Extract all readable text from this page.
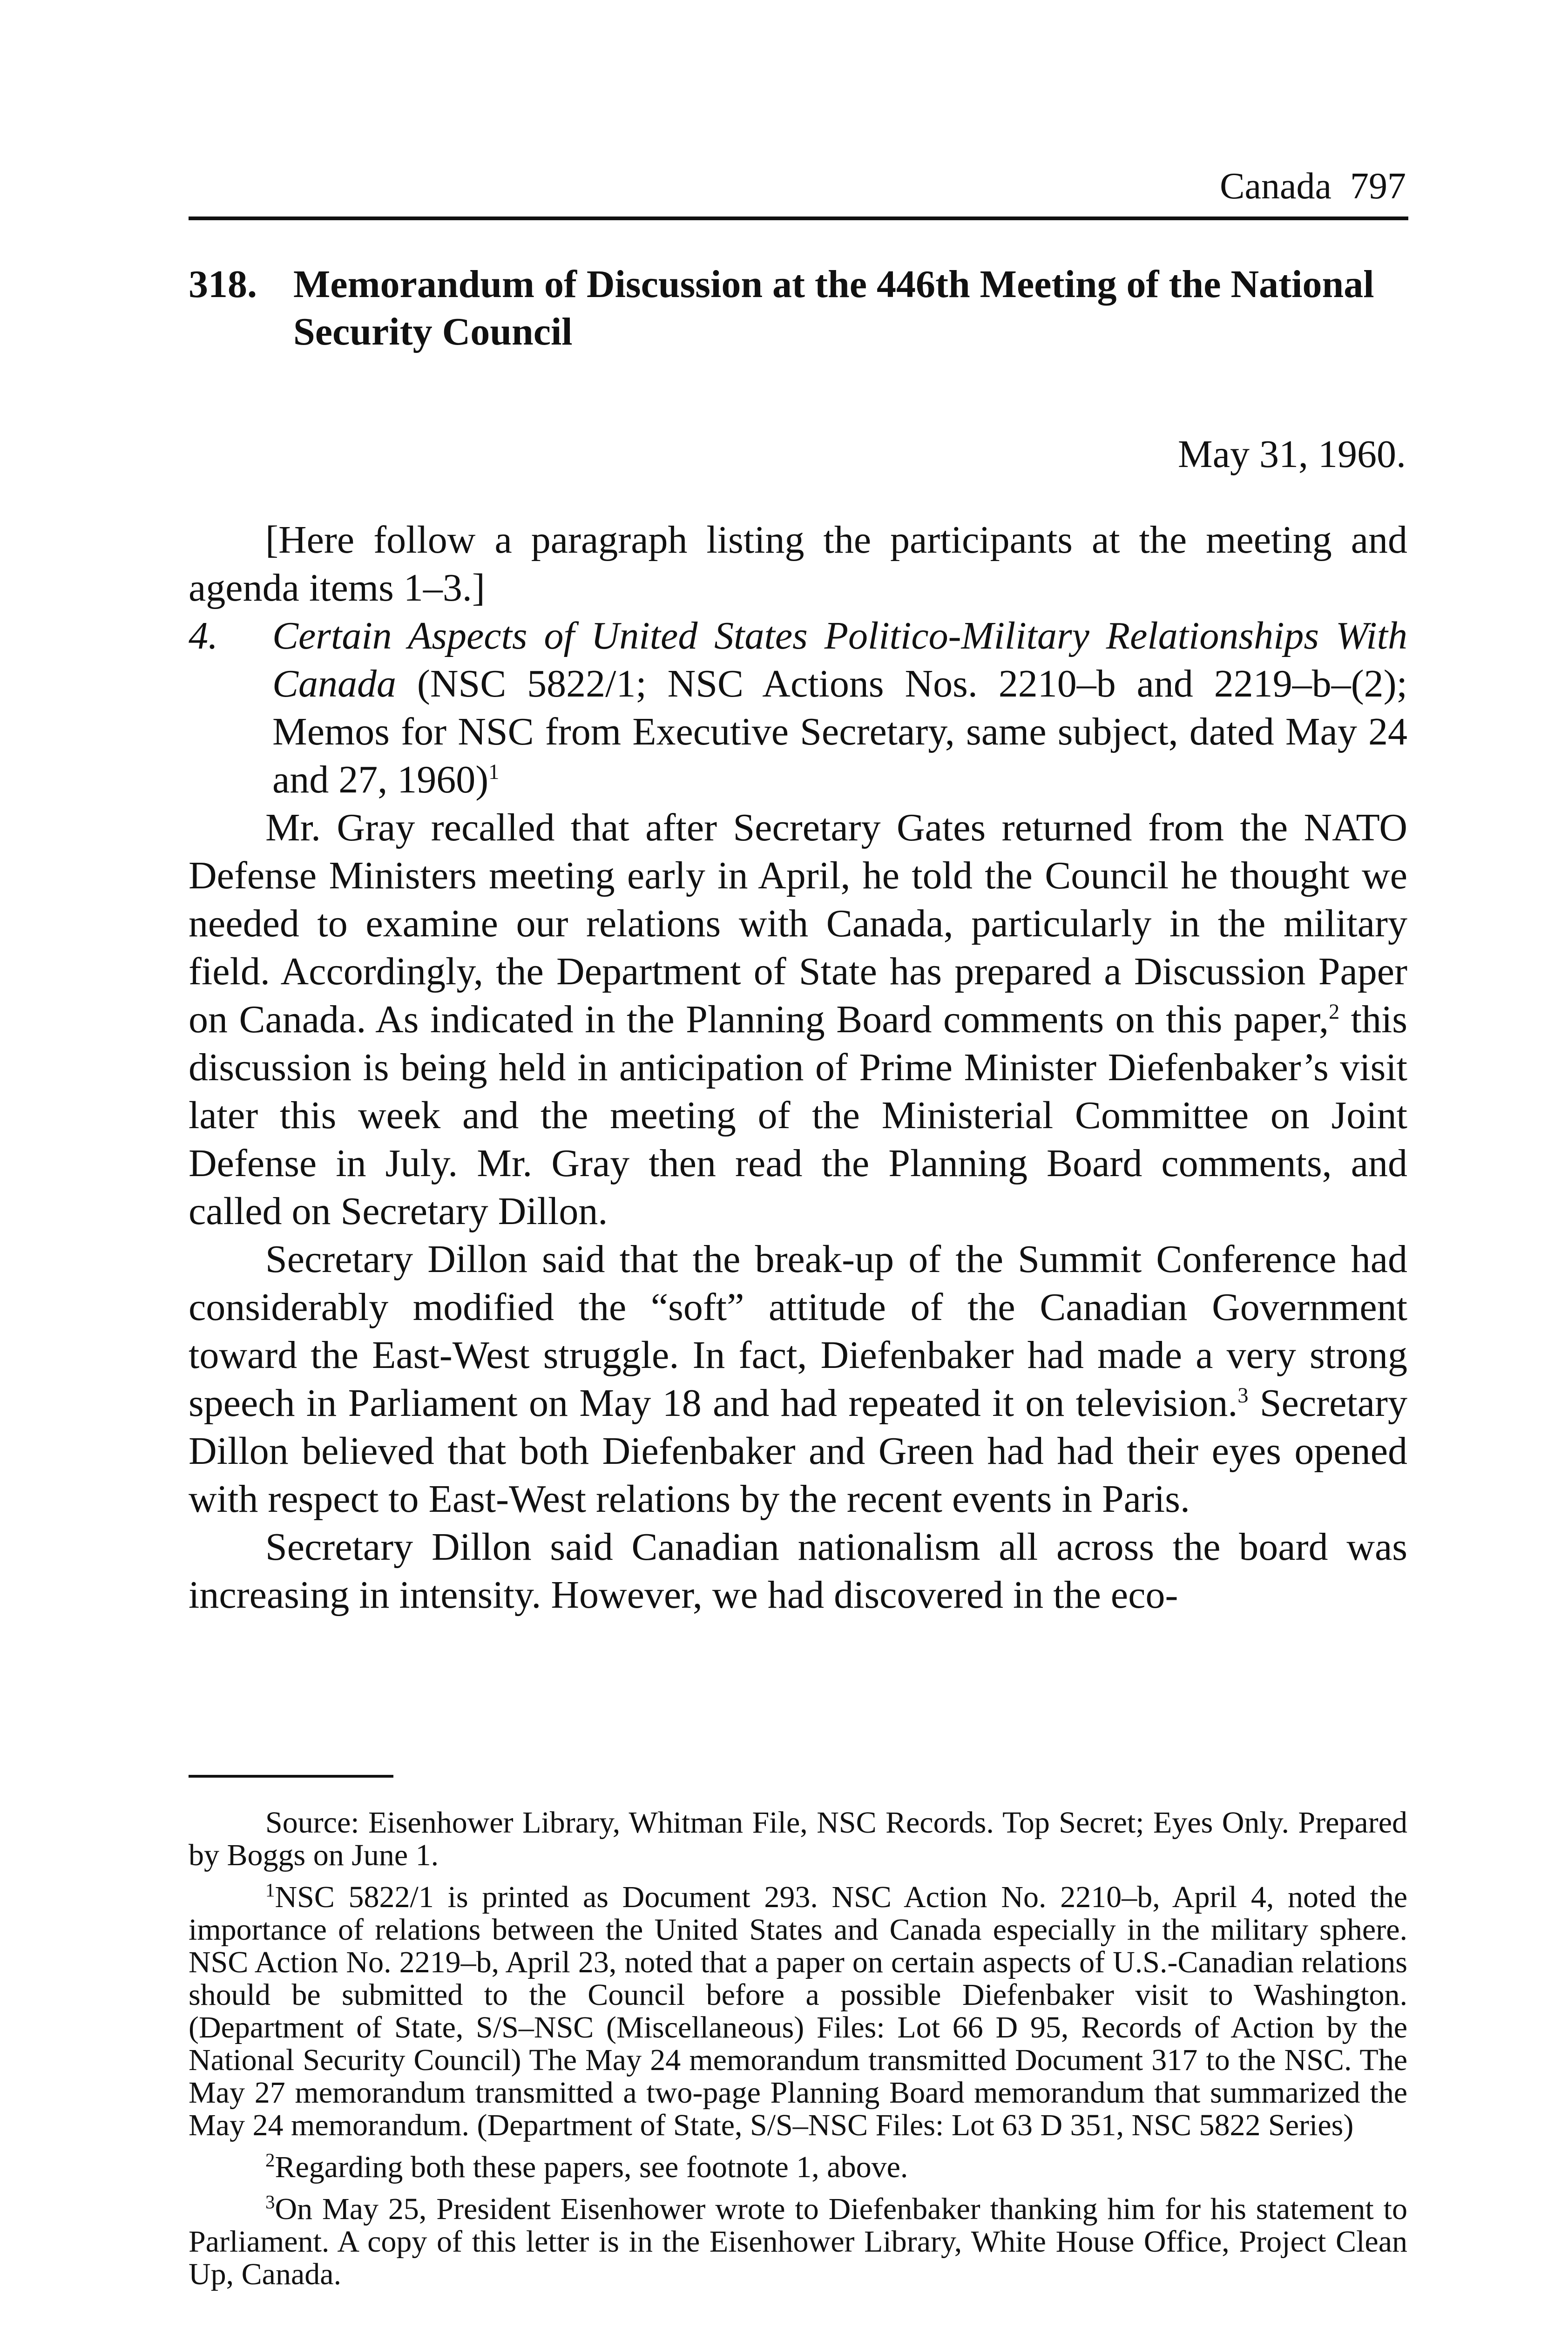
Canada 797
318. Memorandum of Discussion at the 446th Meeting of the National Security Council
May 31, 1960.

[Here follow a paragraph listing the participants at the meeting and agenda items 1–3.]

4. Certain Aspects of United States Politico-Military Relationships With Canada (NSC 5822/1; NSC Actions Nos. 2210–b and 2219–b–(2); Memos for NSC from Executive Secretary, same subject, dated May 24 and 27, 1960)$^1$

Mr. Gray recalled that after Secretary Gates returned from the NATO Defense Ministers meeting early in April, he told the Council he thought we needed to examine our relations with Canada, particularly in the military field. Accordingly, the Department of State has prepared a Discussion Paper on Canada. As indicated in the Planning Board comments on this paper,$^2$ this discussion is being held in anticipation of Prime Minister Diefenbaker’s visit later this week and the meeting of the Ministerial Committee on Joint Defense in July. Mr. Gray then read the Planning Board comments, and called on Secretary Dillon.

Secretary Dillon said that the break-up of the Summit Conference had considerably modified the “soft” attitude of the Canadian Government toward the East-West struggle. In fact, Diefenbaker had made a very strong speech in Parliament on May 18 and had repeated it on television.$^3$ Secretary Dillon believed that both Diefenbaker and Green had had their eyes opened with respect to East-West relations by the recent events in Paris.

Secretary Dillon said Canadian nationalism all across the board was increasing in intensity. However, we had discovered in the eco-

Source: Eisenhower Library, Whitman File, NSC Records. Top Secret; Eyes Only. Prepared by Boggs on June 1.

$^1$NSC 5822/1 is printed as Document 293. NSC Action No. 2210–b, April 4, noted the importance of relations between the United States and Canada especially in the military sphere. NSC Action No. 2219–b, April 23, noted that a paper on certain aspects of U.S.-Canadian relations should be submitted to the Council before a possible Diefenbaker visit to Washington. (Department of State, S/S–NSC (Miscellaneous) Files: Lot 66 D 95, Records of Action by the National Security Council) The May 24 memorandum transmitted Document 317 to the NSC. The May 27 memorandum transmitted a two-page Planning Board memorandum that summarized the May 24 memorandum. (Department of State, S/S–NSC Files: Lot 63 D 351, NSC 5822 Series)

$^2$Regarding both these papers, see footnote 1, above.

$^3$On May 25, President Eisenhower wrote to Diefenbaker thanking him for his statement to Parliament. A copy of this letter is in the Eisenhower Library, White House Office, Project Clean Up, Canada.
